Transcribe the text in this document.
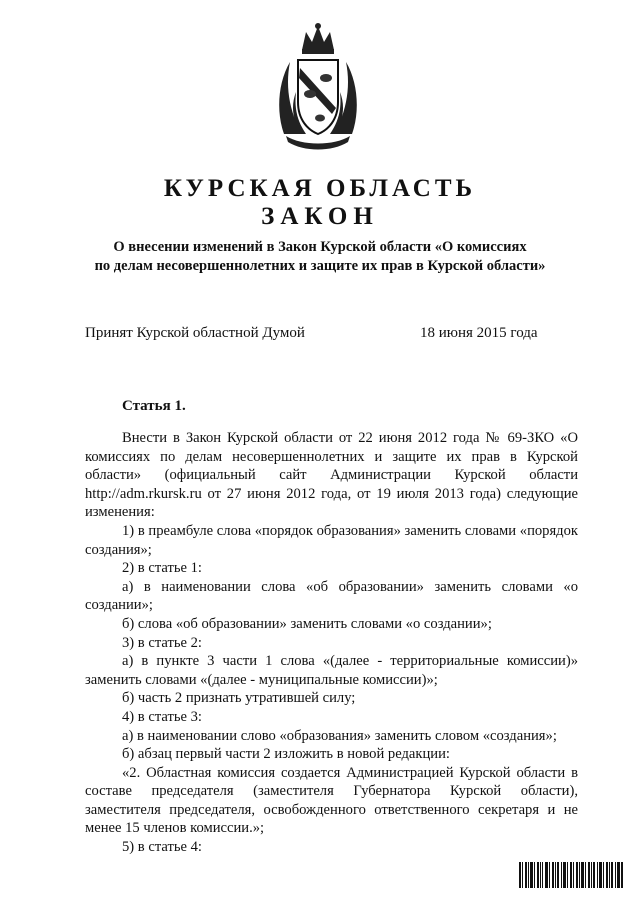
КУРСКАЯ ОБЛАСТЬ
ЗАКОН
О внесении изменений в Закон Курской области «О комиссиях
по делам несовершеннолетних и защите их прав в Курской области»
Принят Курской областной Думой	18 июня 2015 года
Статья 1.

Внести в Закон Курской области от 22 июня 2012 года № 69-ЗКО «О комиссиях по делам несовершеннолетних и защите их прав в Курской области» (официальный сайт Администрации Курской области http://adm.rkursk.ru от 27 июня 2012 года, от 19 июля 2013 года) следующие изменения:

1) в преамбуле слова «порядок образования» заменить словами «порядок создания»;

2) в статье 1:

а) в наименовании слова «об образовании» заменить словами «о создании»;

б) слова «об образовании» заменить словами «о создании»;

3) в статье 2:

а) в пункте 3 части 1 слова «(далее - территориальные комиссии)» заменить словами «(далее - муниципальные комиссии)»;

б) часть 2 признать утратившей силу;

4) в статье 3:

а) в наименовании слово «образования» заменить словом «создания»;

б) абзац первый части 2 изложить в новой редакции:

«2. Областная комиссия создается Администрацией Курской области в составе председателя (заместителя Губернатора Курской области), заместителя председателя, освобожденного ответственного секретаря и не менее 15 членов комиссии.»;

5) в статье 4:
